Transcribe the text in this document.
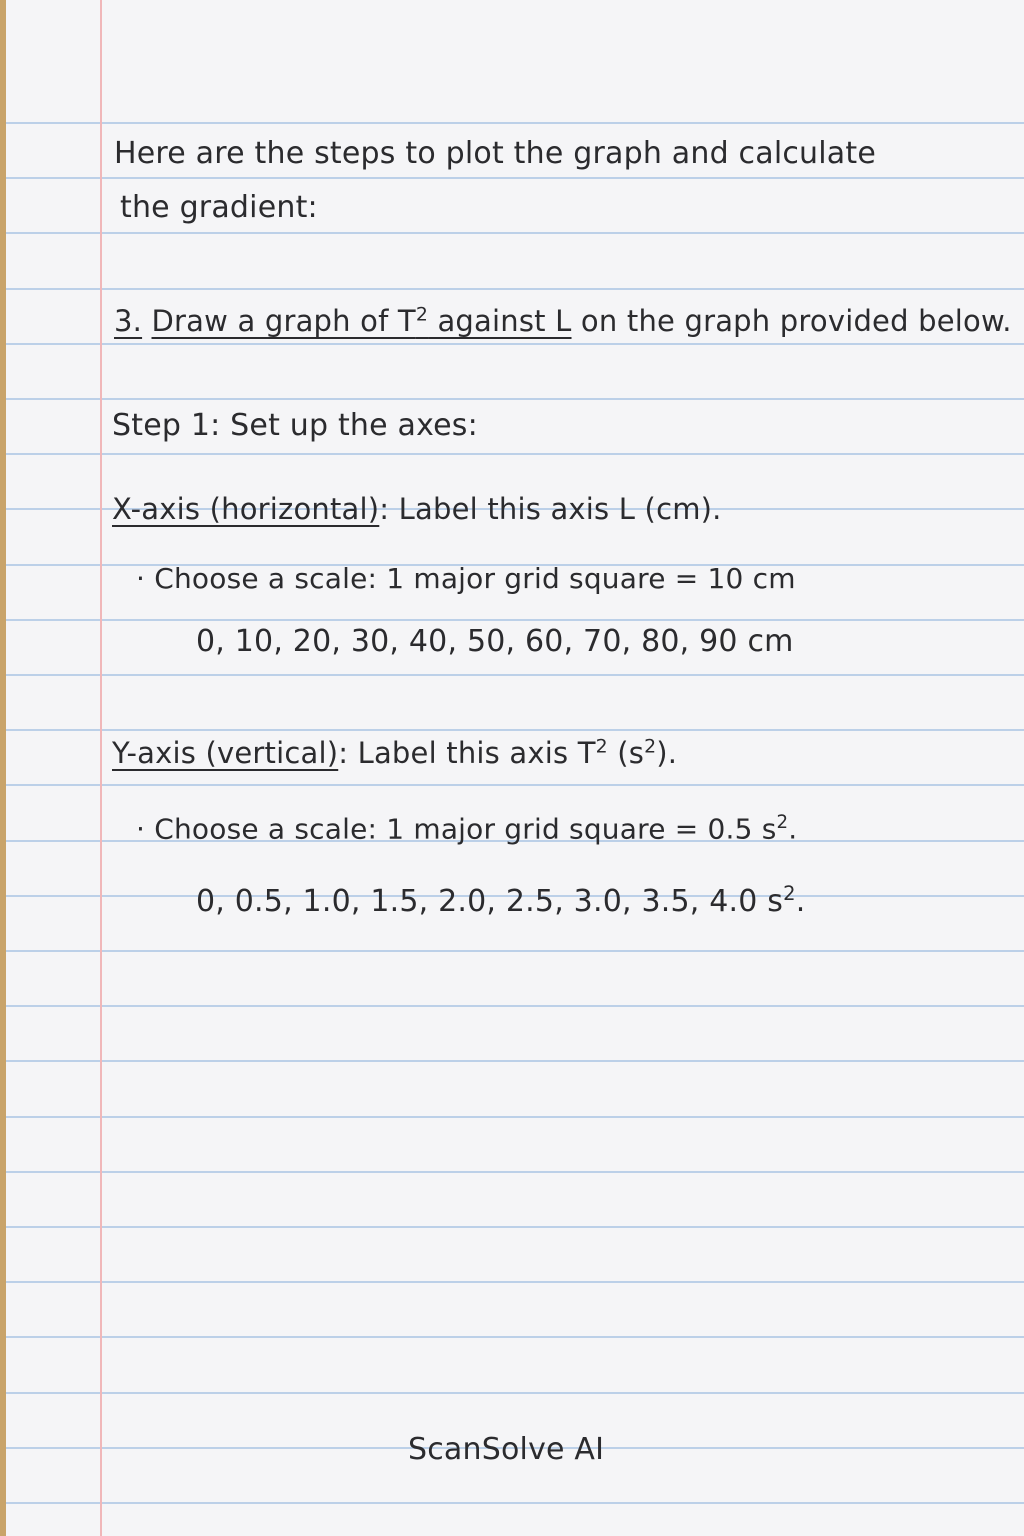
Here are the steps to plot the graph and calculate
the gradient:
3. Draw a graph of $T^2$ against L on the graph provided below.
Step 1: Set up the axes:
X-axis (horizontal): Label this axis L (cm).
· Choose a scale: 1 major grid square = 10 cm
0, 10, 20, 30, 40, 50, 60, 70, 80, 90 cm
Y-axis (vertical): Label this axis $T^2$ $(s^2)$.
· Choose a scale: 1 major grid square = 0.5 $s^2$.
0, 0.5, 1.0, 1.5, 2.0, 2.5, 3.0, 3.5, 4.0 $s^2$.
ScanSolve AI
